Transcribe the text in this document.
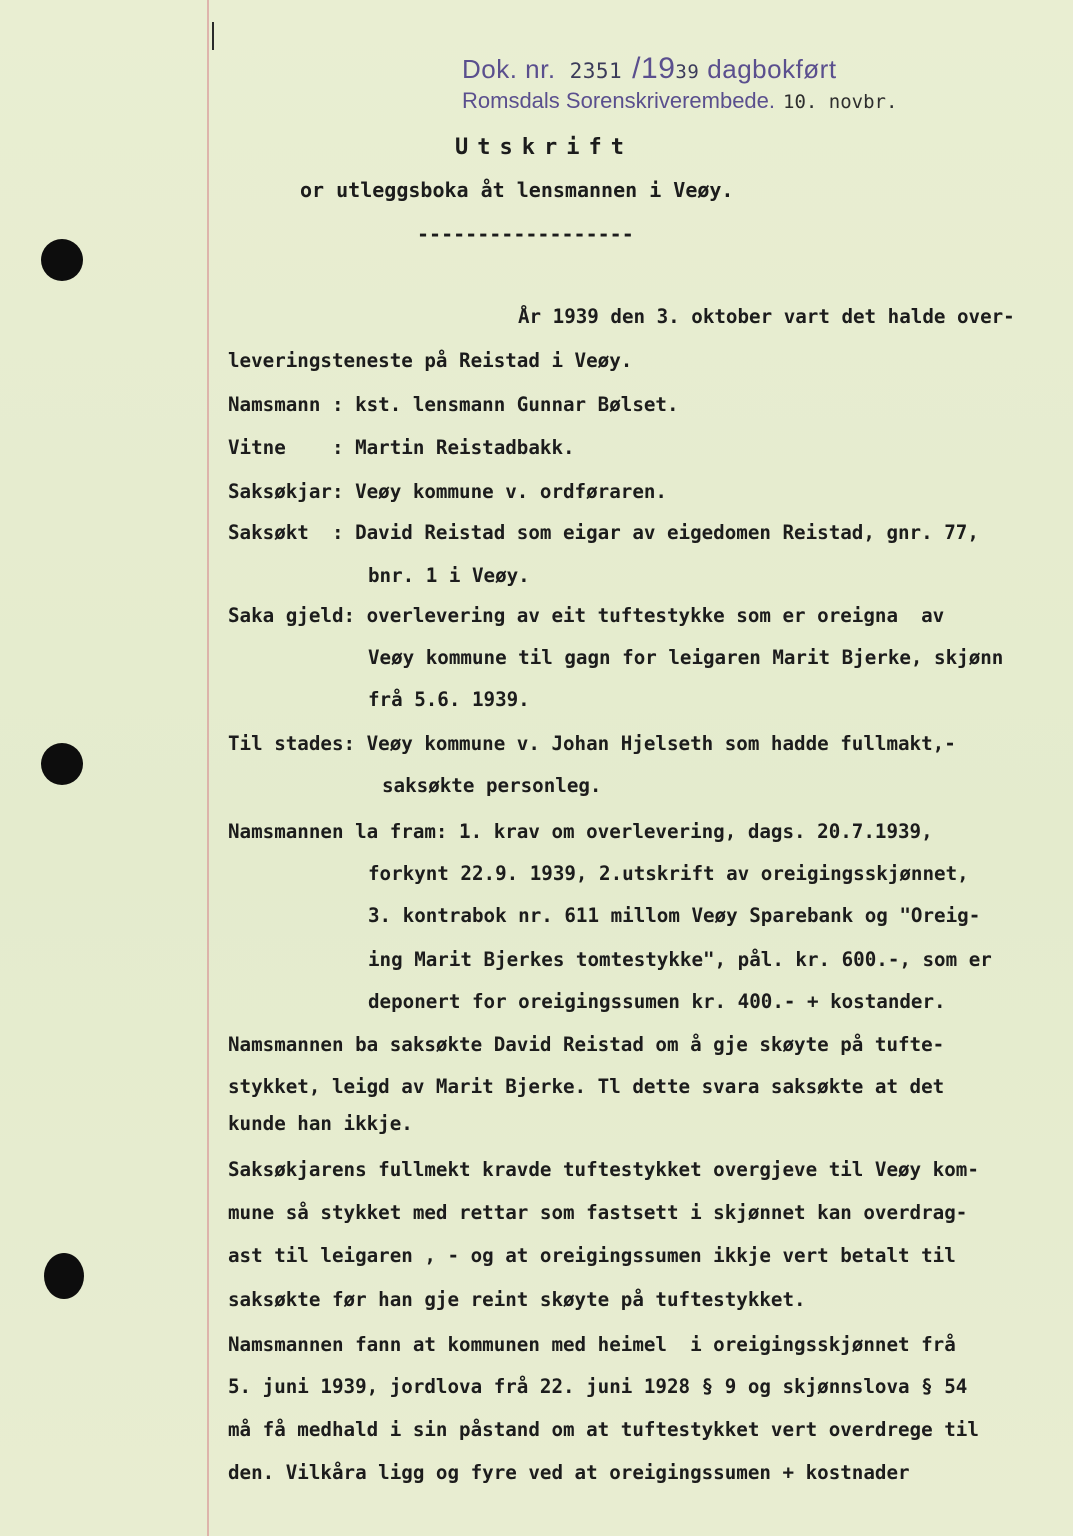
Dok. nr. 2351 /1939 dagbokført
Romsdals Sorenskriverembede. 10. novbr.
Utskrift
or utleggsboka åt lensmannen i Veøy.
------------------
År 1939 den 3. oktober vart det halde over-
leveringsteneste på Reistad i Veøy.
Namsmann : kst. lensmann Gunnar Bølset.
Vitne    : Martin Reistadbakk.
Saksøkjar: Veøy kommune v. ordføraren.
Saksøkt  : David Reistad som eigar av eigedomen Reistad, gnr. 77,
bnr. 1 i Veøy.
Saka gjeld: overlevering av eit tuftestykke som er oreigna  av
Veøy kommune til gagn for leigaren Marit Bjerke, skjønn
frå 5.6. 1939.
Til stades: Veøy kommune v. Johan Hjelseth som hadde fullmakt,-
saksøkte personleg.
Namsmannen la fram: 1. krav om overlevering, dags. 20.7.1939,
forkynt 22.9. 1939, 2.utskrift av oreigingsskjønnet,
3. kontrabok nr. 611 millom Veøy Sparebank og "Oreig-
ing Marit Bjerkes tomtestykke", pål. kr. 600.-, som er
deponert for oreigingssumen kr. 400.- + kostander.
Namsmannen ba saksøkte David Reistad om å gje skøyte på tufte-
stykket, leigd av Marit Bjerke. Tl dette svara saksøkte at det
kunde han ikkje.
Saksøkjarens fullmekt kravde tuftestykket overgjeve til Veøy kom-
mune så stykket med rettar som fastsett i skjønnet kan overdrag-
ast til leigaren , - og at oreigingssumen ikkje vert betalt til
saksøkte før han gje reint skøyte på tuftestykket.
Namsmannen fann at kommunen med heimel  i oreigingsskjønnet frå
5. juni 1939, jordlova frå 22. juni 1928 § 9 og skjønnslova § 54
må få medhald i sin påstand om at tuftestykket vert overdrege til
den. Vilkåra ligg og fyre ved at oreigingssumen + kostnader
